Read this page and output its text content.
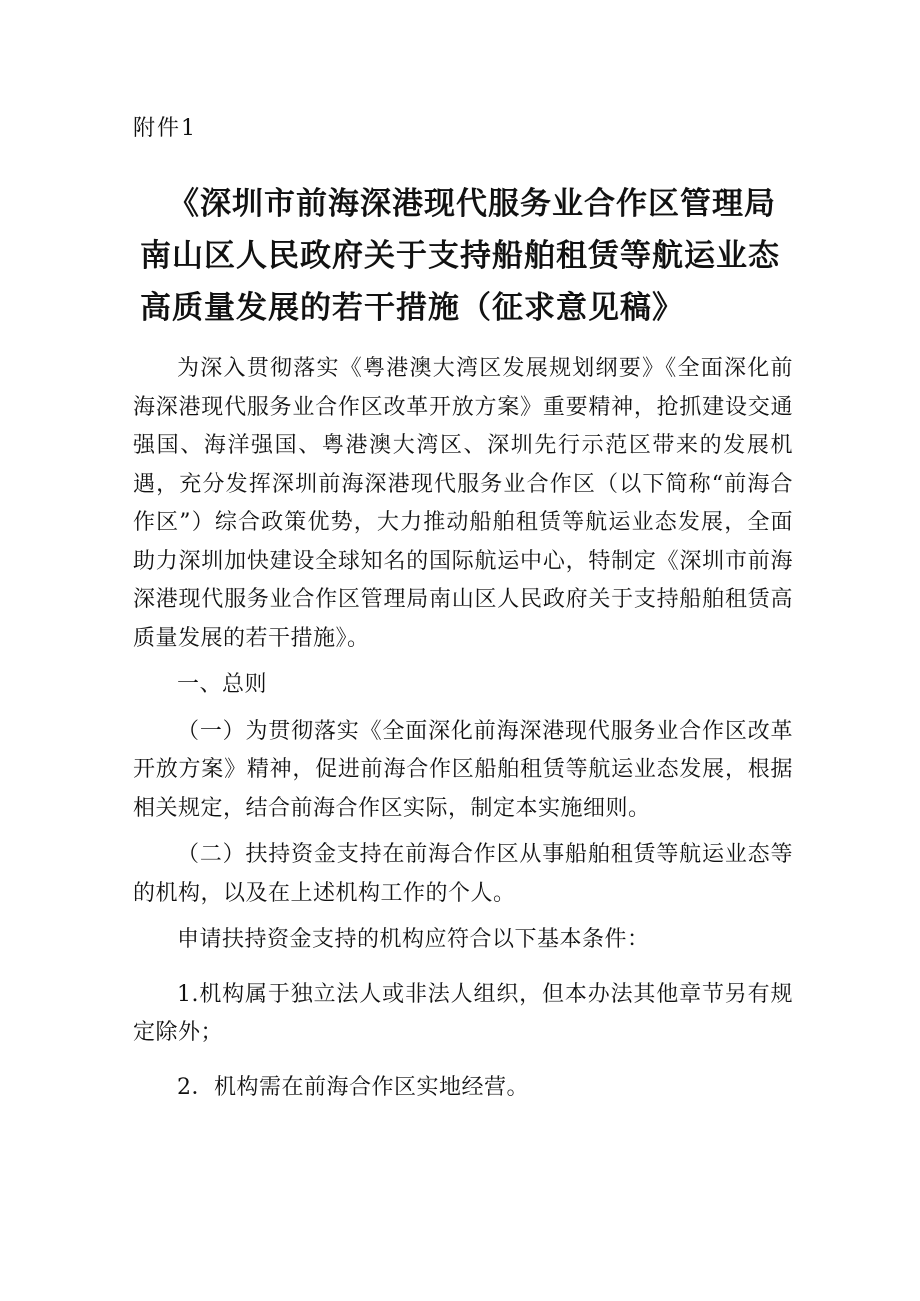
附件1
《深圳市前海深港现代服务业合作区管理局南山区人民政府关于支持船舶租赁等航运业态高质量发展的若干措施（征求意见稿》

为深入贯彻落实《粤港澳大湾区发展规划纲要》《全面深化前海深港现代服务业合作区改革开放方案》重要精神，抢抓建设交通强国、海洋强国、粤港澳大湾区、深圳先行示范区带来的发展机遇，充分发挥深圳前海深港现代服务业合作区（以下简称“前海合作区”）综合政策优势，大力推动船舶租赁等航运业态发展，全面助力深圳加快建设全球知名的国际航运中心，特制定《深圳市前海深港现代服务业合作区管理局南山区人民政府关于支持船舶租赁高质量发展的若干措施》。

一、总则

（一）为贯彻落实《全面深化前海深港现代服务业合作区改革开放方案》精神，促进前海合作区船舶租赁等航运业态发展，根据相关规定，结合前海合作区实际，制定本实施细则。

（二）扶持资金支持在前海合作区从事船舶租赁等航运业态等的机构，以及在上述机构工作的个人。

申请扶持资金支持的机构应符合以下基本条件：

1.机构属于独立法人或非法人组织，但本办法其他章节另有规定除外；

2．机构需在前海合作区实地经营。
